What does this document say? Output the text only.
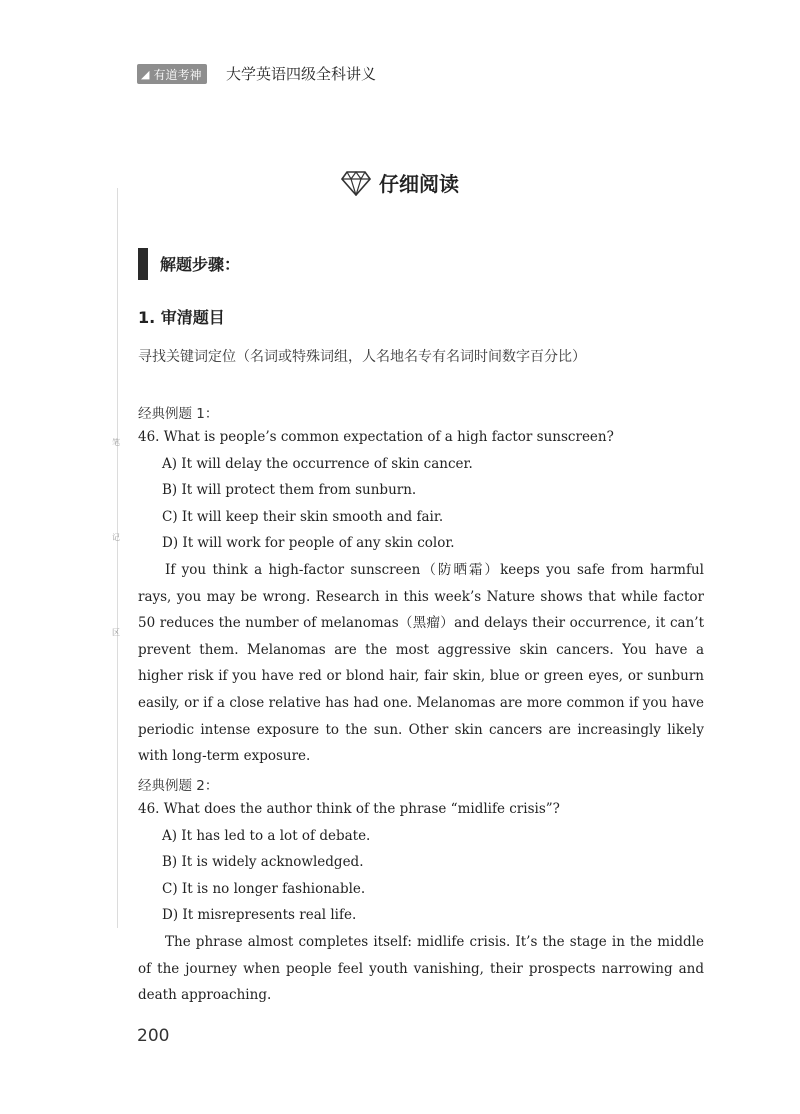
◢ 有道考神 大学英语四级全科讲义
笔
记
区
仔细阅读
解题步骤：
1. 审清题目
寻找关键词定位（名词或特殊词组，人名地名专有名词时间数字百分比）
经典例题 1：
46. What is people’s common expectation of a high factor sunscreen?
A) It will delay the occurrence of skin cancer.
B) It will protect them from sunburn.
C) It will keep their skin smooth and fair.
D) It will work for people of any skin color.

If you think a high-factor sunscreen（防晒霜）keeps you safe from harmful rays, you may be wrong. Research in this week’s Nature shows that while factor 50 reduces the number of melanomas（黑瘤）and delays their occurrence, it can’t prevent them. Melanomas are the most aggressive skin cancers. You have a higher risk if you have red or blond hair, fair skin, blue or green eyes, or sunburn easily, or if a close relative has had one. Melanomas are more common if you have periodic intense exposure to the sun. Other skin cancers are increasingly likely with long-term exposure.

经典例题 2：
46. What does the author think of the phrase “midlife crisis”?
A) It has led to a lot of debate.
B) It is widely acknowledged.
C) It is no longer fashionable.
D) It misrepresents real life.

The phrase almost completes itself: midlife crisis. It’s the stage in the middle of the journey when people feel youth vanishing, their prospects narrowing and death approaching.

200
